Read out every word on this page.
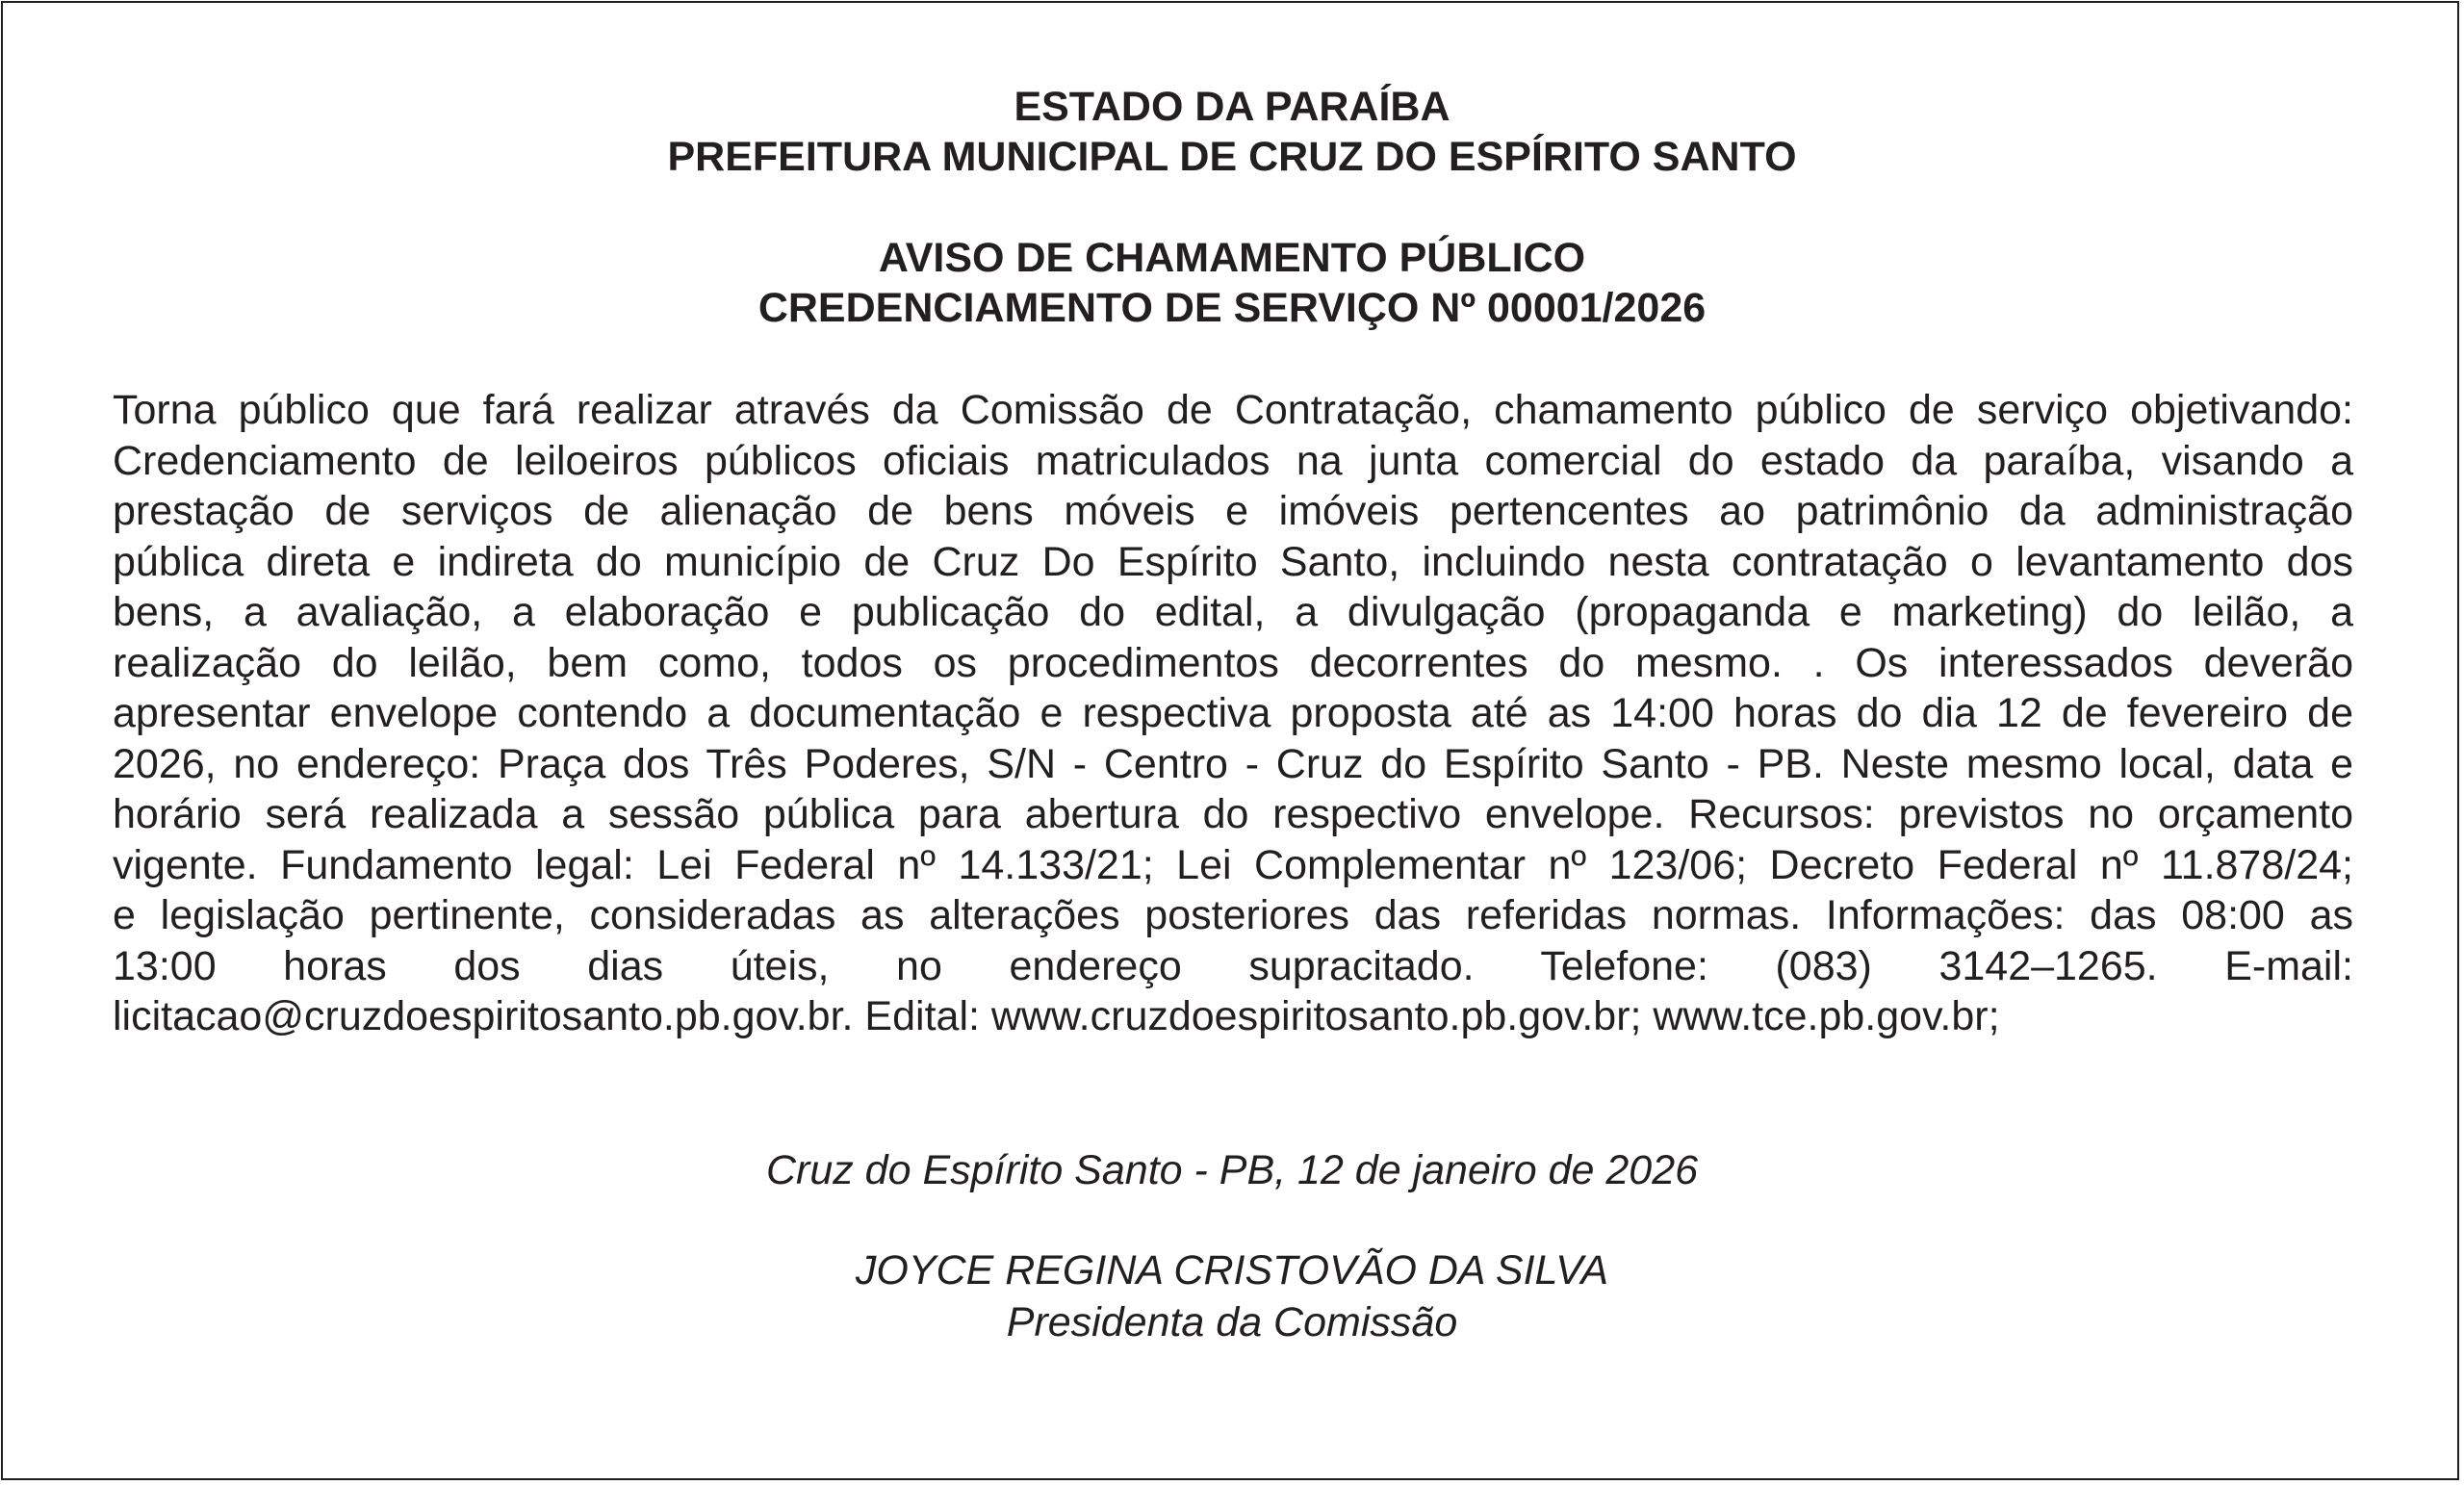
ESTADO DA PARAÍBA
PREFEITURA MUNICIPAL DE CRUZ DO ESPÍRITO SANTO
AVISO DE CHAMAMENTO PÚBLICO
CREDENCIAMENTO DE SERVIÇO Nº 00001/2026
Torna público que fará realizar através da Comissão de Contratação, chamamento público de serviço objetivando:
Credenciamento de leiloeiros públicos oficiais matriculados na junta comercial do estado da paraíba, visando a
prestação de serviços de alienação de bens móveis e imóveis pertencentes ao patrimônio da administração
pública direta e indireta do município de Cruz Do Espírito Santo, incluindo nesta contratação o levantamento dos
bens, a avaliação, a elaboração e publicação do edital, a divulgação (propaganda e marketing) do leilão, a
realização do leilão, bem como, todos os procedimentos decorrentes do mesmo. . Os interessados deverão
apresentar envelope contendo a documentação e respectiva proposta até as 14:00 horas do dia 12 de fevereiro de
2026, no endereço: Praça dos Três Poderes, S/N - Centro - Cruz do Espírito Santo - PB. Neste mesmo local, data e
horário será realizada a sessão pública para abertura do respectivo envelope. Recursos: previstos no orçamento
vigente. Fundamento legal: Lei Federal nº 14.133/21; Lei Complementar nº 123/06; Decreto Federal nº 11.878/24;
e legislação pertinente, consideradas as alterações posteriores das referidas normas. Informações: das 08:00 as
13:00 horas dos dias úteis, no endereço supracitado. Telefone: (083) 3142–1265. E-mail:
licitacao@cruzdoespiritosanto.pb.gov.br. Edital: www.cruzdoespiritosanto.pb.gov.br; www.tce.pb.gov.br;

Cruz do Espírito Santo - PB, 12 de janeiro de 2026

JOYCE REGINA CRISTOVÃO DA SILVA

Presidenta da Comissão
